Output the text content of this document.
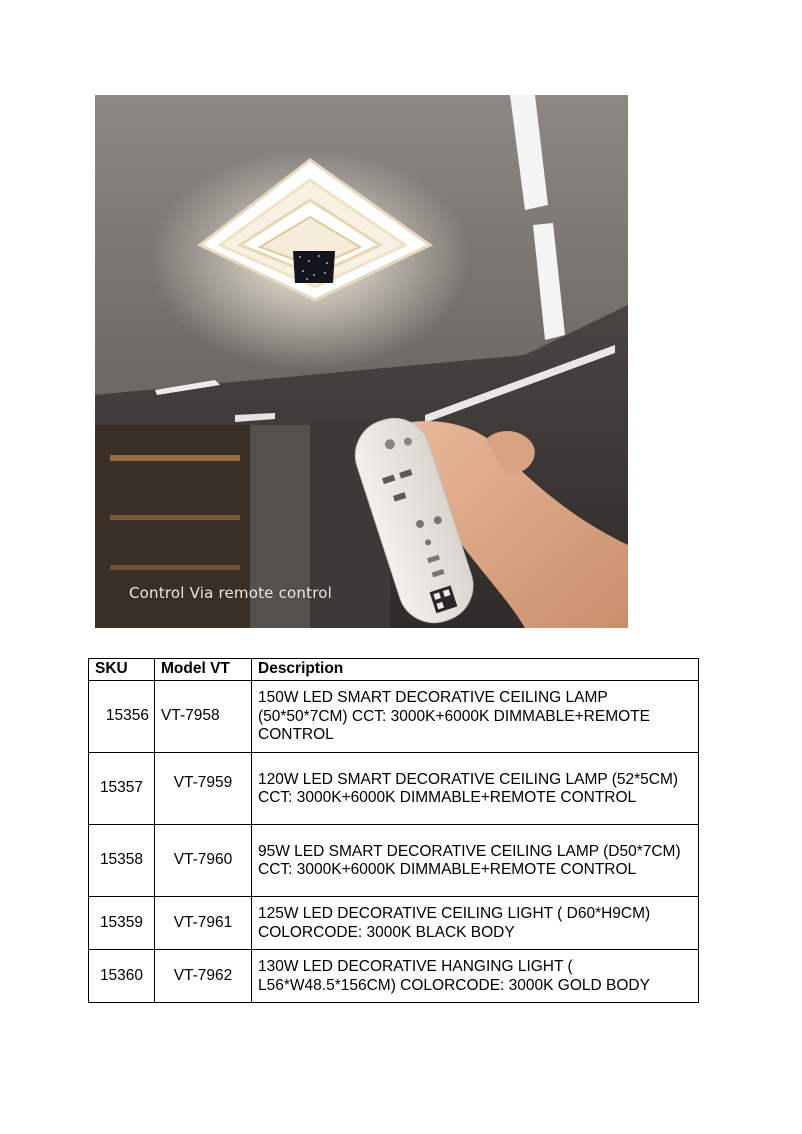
Control Via remote control
SKU	Model VT	Description
15356	VT-7958	150W LED SMART DECORATIVE CEILING LAMP (50*50*7CM) CCT: 3000K+6000K DIMMABLE+REMOTE CONTROL
15357	VT-7959	120W LED SMART DECORATIVE CEILING LAMP (52*5CM) CCT: 3000K+6000K DIMMABLE+REMOTE CONTROL
15358	VT-7960	95W LED SMART DECORATIVE CEILING LAMP (D50*7CM) CCT: 3000K+6000K DIMMABLE+REMOTE CONTROL
15359	VT-7961	125W LED DECORATIVE CEILING LIGHT ( D60*H9CM) COLORCODE: 3000K BLACK BODY
15360	VT-7962	130W LED DECORATIVE HANGING LIGHT ( L56*W48.5*156CM) COLORCODE: 3000K GOLD BODY
